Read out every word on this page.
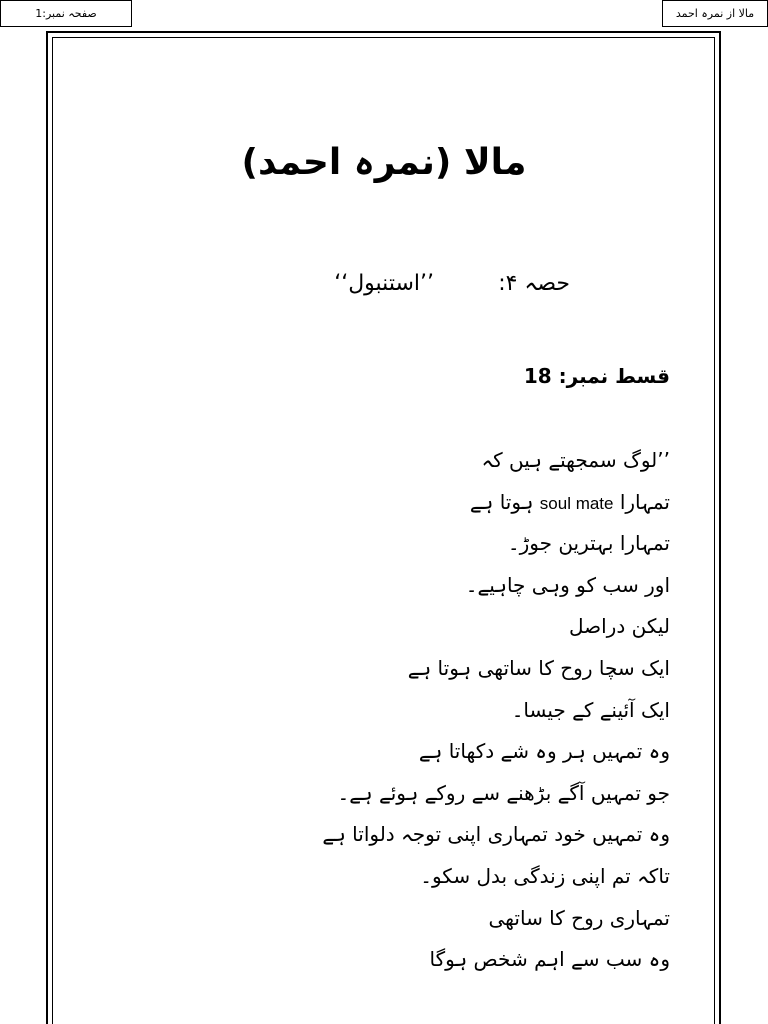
صفحہ نمبر:1	مالا از نمرہ احمد
مالا (نمرہ احمد)
حصہ ۴:
’’استنبول‘‘
قسط نمبر: 18
’’لوگ سمجھتے ہیں کہ
تمہارا soul mate ہوتا ہے
تمہارا بہترین جوڑ۔
اور سب کو وہی چاہیے۔
لیکن دراصل
ایک سچا روح کا ساتھی ہوتا ہے
ایک آئینے کے جیسا۔
وہ تمہیں ہر وہ شے دکھاتا ہے
جو تمہیں آگے بڑھنے سے روکے ہوئے ہے۔
وہ تمہیں خود تمہاری اپنی توجہ دلواتا ہے
تاکہ تم اپنی زندگی بدل سکو۔
تمہاری روح کا ساتھی
وہ سب سے اہم شخص ہوگا
